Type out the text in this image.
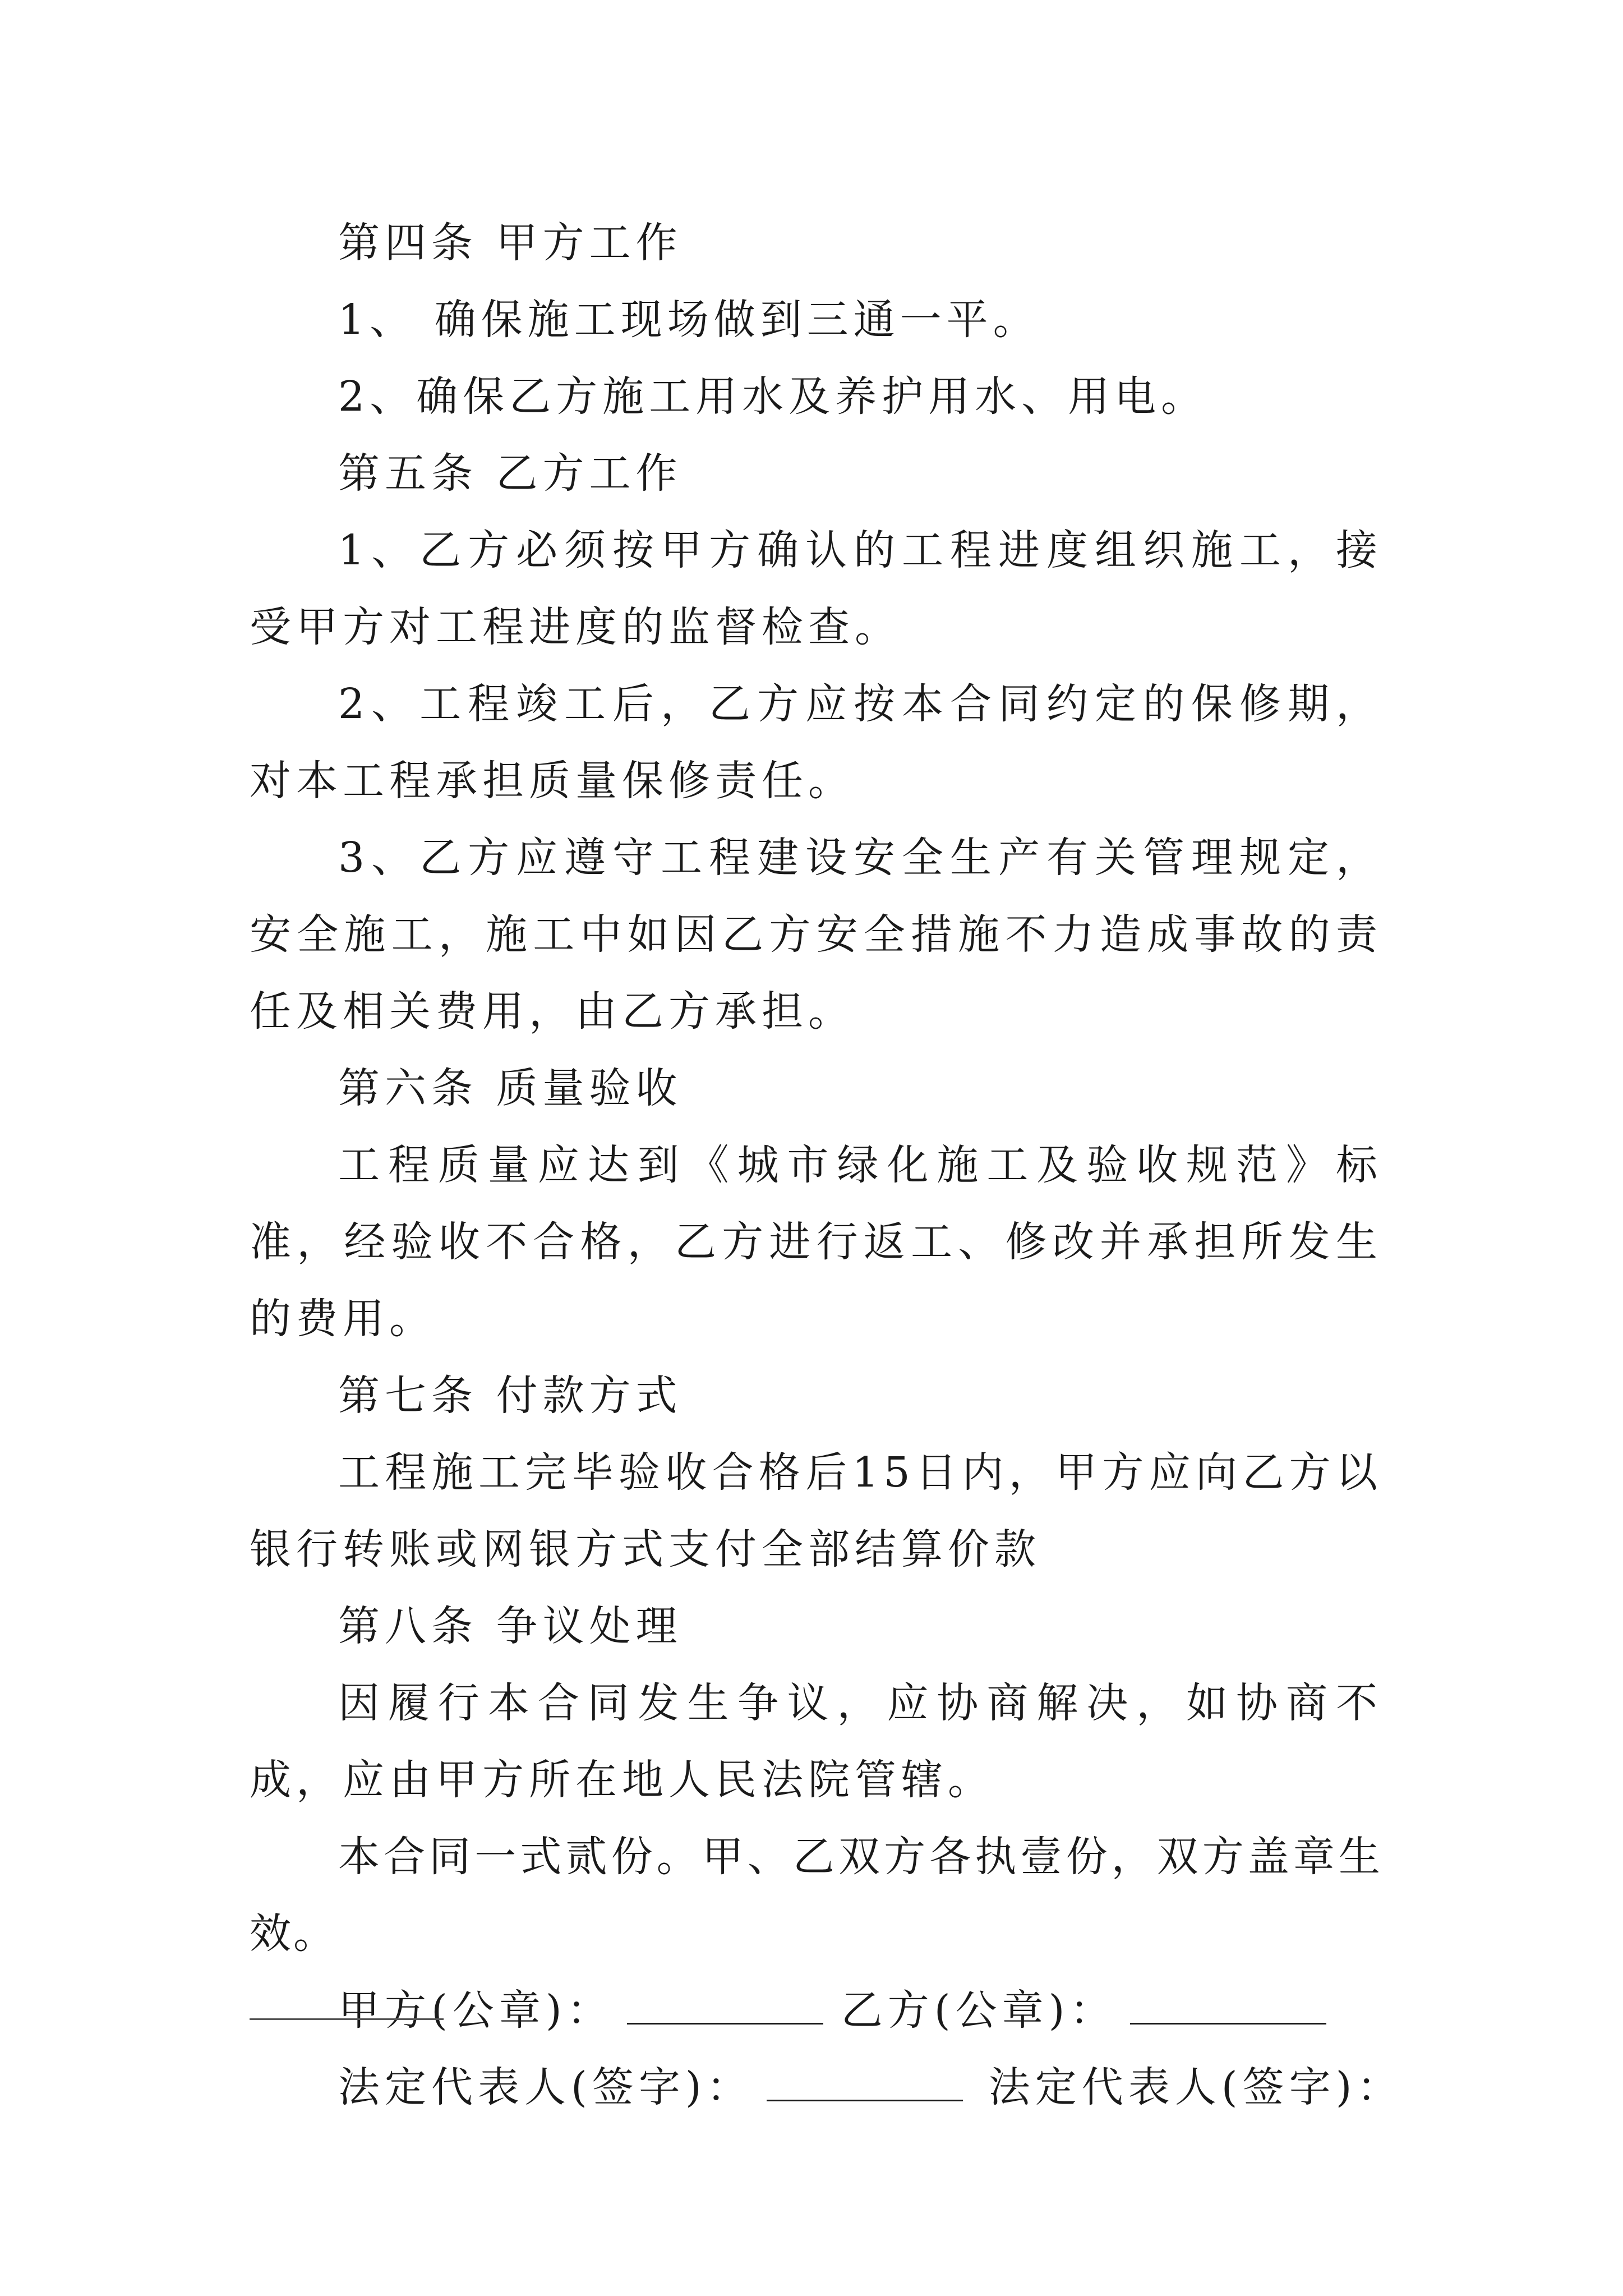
第四条 甲方工作

1、 确保施工现场做到三通一平。

2、确保乙方施工用水及养护用水、用电。

第五条 乙方工作

1、乙方必须按甲方确认的工程进度组织施工，接受甲方对工程进度的监督检查。

2、工程竣工后，乙方应按本合同约定的保修期，对本工程承担质量保修责任。

3、乙方应遵守工程建设安全生产有关管理规定，安全施工，施工中如因乙方安全措施不力造成事故的责任及相关费用，由乙方承担。

第六条 质量验收

工程质量应达到《城市绿化施工及验收规范》标准，经验收不合格，乙方进行返工、修改并承担所发生的费用。

第七条 付款方式

工程施工完毕验收合格后15日内，甲方应向乙方以银行转账或网银方式支付全部结算价款

第八条 争议处理

因履行本合同发生争议，应协商解决，如协商不成，应由甲方所在地人民法院管辖。

本合同一式贰份。甲、乙双方各执壹份，双方盖章生效。

甲方(公章)：	乙方(公章)：

法定代表人(签字)：	法定代表人(签字)：
